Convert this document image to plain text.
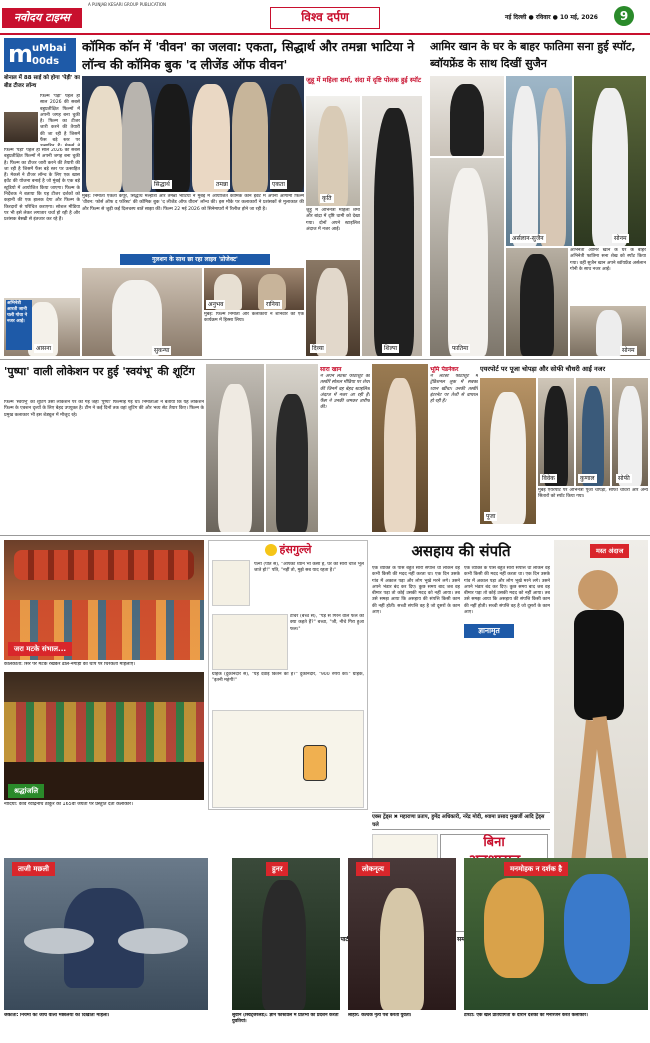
नवोदय टाइम्स
A PUNJAB KESARI GROUP PUBLICATION
विश्व दर्पण	नई दिल्ली ● रविवार ● 10 मई, 2026	9
m
uMbai
00ds
बोनाल में 88 साई को होगा 'पेड़ी' का बीड टीजर लॉन्च
फिल्म 'पेड़ी' पहले ही साल 2026 की सबसे बहुप्रतीक्षित फिल्मों में अपनी जगह बना चुकी है। फिल्म का टीजर जारी करने की तैयारी की जा रही है जिसमें फैंस बड़े स्तर पर
फिल्म 'पेड़ी' पहले ही साल 2026 की सबसे बहुप्रतीक्षित फिल्मों में अपनी जगह बना चुकी है। फिल्म का टीजर जारी करने की तैयारी की जा रही है जिसमें फैंस बड़े स्तर पर उत्साहित हैं। मेकर्स ने टीजर लॉन्च के लिए एक खास इवेंट की योजना बनाई है जो मुंबई के एक बड़े स्टूडियो में आयोजित किया जाएगा। फिल्म के निर्देशक ने बताया कि यह टीजर दर्शकों को कहानी की एक झलक देगा और फिल्म के किरदारों से परिचित कराएगा। सोशल मीडिया पर भी इसे लेकर लगातार चर्चा हो रही है और प्रशंसक बेसब्री से इंतजार कर रहे हैं।
कॉमिक कॉन में 'वीवन' का जलवा: एकता, सिद्धार्थ और तमन्ना भाटिया ने लॉन्च की कॉमिक बुक 'द लीजेंड ऑफ वीवन'
सिद्धार्थ	तमन्ना	एकता
मुंबई: निर्माता एकता कपूर, सिद्धार्थ मल्होत्रा और तमन्ना भाटिया ने मुंबई में आयोजित कॉमिक कॉन इवेंट में अपनी आगामी फिल्म 'वीवन: फोर्स ऑफ द फॉरेस्ट' की कॉमिक बुक 'द लीजेंड ऑफ वीवन' लॉन्च की। इस मौके पर कलाकारों ने प्रशंसकों से मुलाकात की और फिल्म से जुड़ी कई दिलचस्प बातें साझा कीं। फिल्म 22 मई 2026 को सिनेमाघरों में रिलीज होने जा रही है।
गुलशन के साथ छा रहा लाइव 'प्रोजेक्ट'
सुकन्या
अनुभव	रानिया
मुंबई: फिल्म निर्माता और कलाकारों ने शनिवार को एक कार्यक्रम में हिस्सा लिया।
अभिनेत्री आरती जानी चली गोवा ने नजर आई।
आसना
जुहू में महिला शर्मा, संदा में दृष्टि पोलक हुई स्पॉट
शिल्पा
कृति
जुहू में अभिनेत्री महिला शर्मा और बांद्रा में दृष्टि धामी को देखा गया। दोनों अपने स्टाइलिश अंदाज में नजर आईं।
दिव्या
आमिर खान के घर के बाहर फातिमा सना हुई स्पॉट, ब्वॉयफ्रेंड के साथ दिखीं सुजैन
अर्सलान-सुजैन	सोनम
अभिनेता आमिर खान के घर के बाहर अभिनेत्री फातिमा सना शेख को स्पॉट किया गया। वहीं सुजैन खान अपने ब्वॉयफ्रेंड अर्सलान गोनी के साथ नजर आईं।
फातिमा	सोनम
'पुष्पा' वाली लोकेशन पर हुई 'स्वयंभू' की शूटिंग
फिल्म 'स्वयंभू' की शूटिंग उसी लोकेशन पर की गई जहां 'पुष्पा' फिल्माई गई थी। निर्माताओं ने बताया कि यह लोकेशन फिल्म के एक्शन दृश्यों के लिए बेहद उपयुक्त है। टीम ने कई दिनों तक वहां शूटिंग की और भव्य सेट तैयार किए। फिल्म के प्रमुख कलाकार भी इस शेड्यूल में मौजूद रहे।
सारा खान
ने अपने लेटेस्ट फोटोशूट की तस्वीरें सोशल मीडिया पर शेयर कीं जिनमें वह बेहद स्टाइलिश अंदाज में नजर आ रही हैं। फैंस ने उनकी जमकर तारीफ की।
भूमि पेडनेकर
ने लेटेस्ट फोटोशूट में ट्रेडिशनल लुक में सबका ध्यान खींचा। उनकी तस्वीरें इंटरनेट पर तेजी से वायरल हो रही हैं।
एयरपोर्ट पर पूजा चोपड़ा और सोफी चौधरी आईं नजर
पूजा
विवेक	कुणाल	सोफी
मुंबई एयरपोर्ट पर अभिनेत्री पूजा चोपड़ा, सोफी चौधरी और अन्य सितारों को स्पॉट किया गया।
जरा मटके संभाल...
कोलकाता: सिर पर मटके रखकर ढोल-नगाड़ों की थाप पर थिरकतीं महिलाएं।
श्रद्धांजलि
नादिया: कवि रवींद्रनाथ ठाकुर की 165वीं जयंती पर प्रस्तुति देतीं कलाकार।
हंसगुल्ले
पत्नी (पति से), "आपका ध्यान भी कैसा है, घर की सारी चीजें भूल जाते हो!" पति, "नहीं तो, मुझे सब याद रहता है।"
टीचर (बच्चे से), "पेड़ से गिरने वाले फल को क्या कहते हैं?" बच्चा, "जी, नीचे गिरा हुआ फल।"
ग्राहक (दुकानदार से), "यह दवाई कितने की है?" दुकानदार, "900 रुपये की।" ग्राहक, "इतनी महंगी!"
असहाय की संपति
एक व्यक्ति के पास बहुत सारी संपत्ति थी लेकिन वह कभी किसी की मदद नहीं करता था। एक दिन उसके गांव में अकाल पड़ा और लोग भूखे मरने लगे। उसने अपने भंडार बंद कर दिए। कुछ समय बाद जब वह बीमार पड़ा तो कोई उसकी मदद को नहीं आया। तब उसे समझ आया कि असहाय की संपत्ति किसी काम की नहीं होती। सच्ची संपत्ति वह है जो दूसरों के काम आए।
ज्ञानामृत
एक व्यक्ति के पास बहुत सारी संपत्ति थी लेकिन वह कभी किसी की मदद नहीं करता था। एक दिन उसके गांव में अकाल पड़ा और लोग भूखे मरने लगे। उसने अपने भंडार बंद कर दिए। कुछ समय बाद जब वह बीमार पड़ा तो कोई उसकी मदद को नहीं आया। तब उसे समझ आया कि असहाय की संपत्ति किसी काम की नहीं होती। सच्ची संपत्ति वह है जो दूसरों के काम आए।
मस्त अंदाज
एक्स ट्रेंड्स ✖ महाराणा प्रताप, हुमेंद्र अधिकारी, नरेंद्र मोदी, श्यामा प्रसाद मुखर्जी आदि ट्रेंड्स चले
बिना
पार्टी
ताजी मछली	हुनर	लोकनृत्य	मनमोहक न दर्शक है
जकार्ता: नियमों की जांच वाली मछलियों को दिखाती महिला।	लुवाने (स्विट्जरलैंड): ज्ञान फेस्टिवल में प्रतिभा का प्रदर्शन करती युवतियां।
लाहौर: कत्थक नृत्य पेश करती युवती।	टोरंटो: एक खेल प्रतियोगिता के दौरान दर्शकों का मनोरंजन करते कलाकार।
